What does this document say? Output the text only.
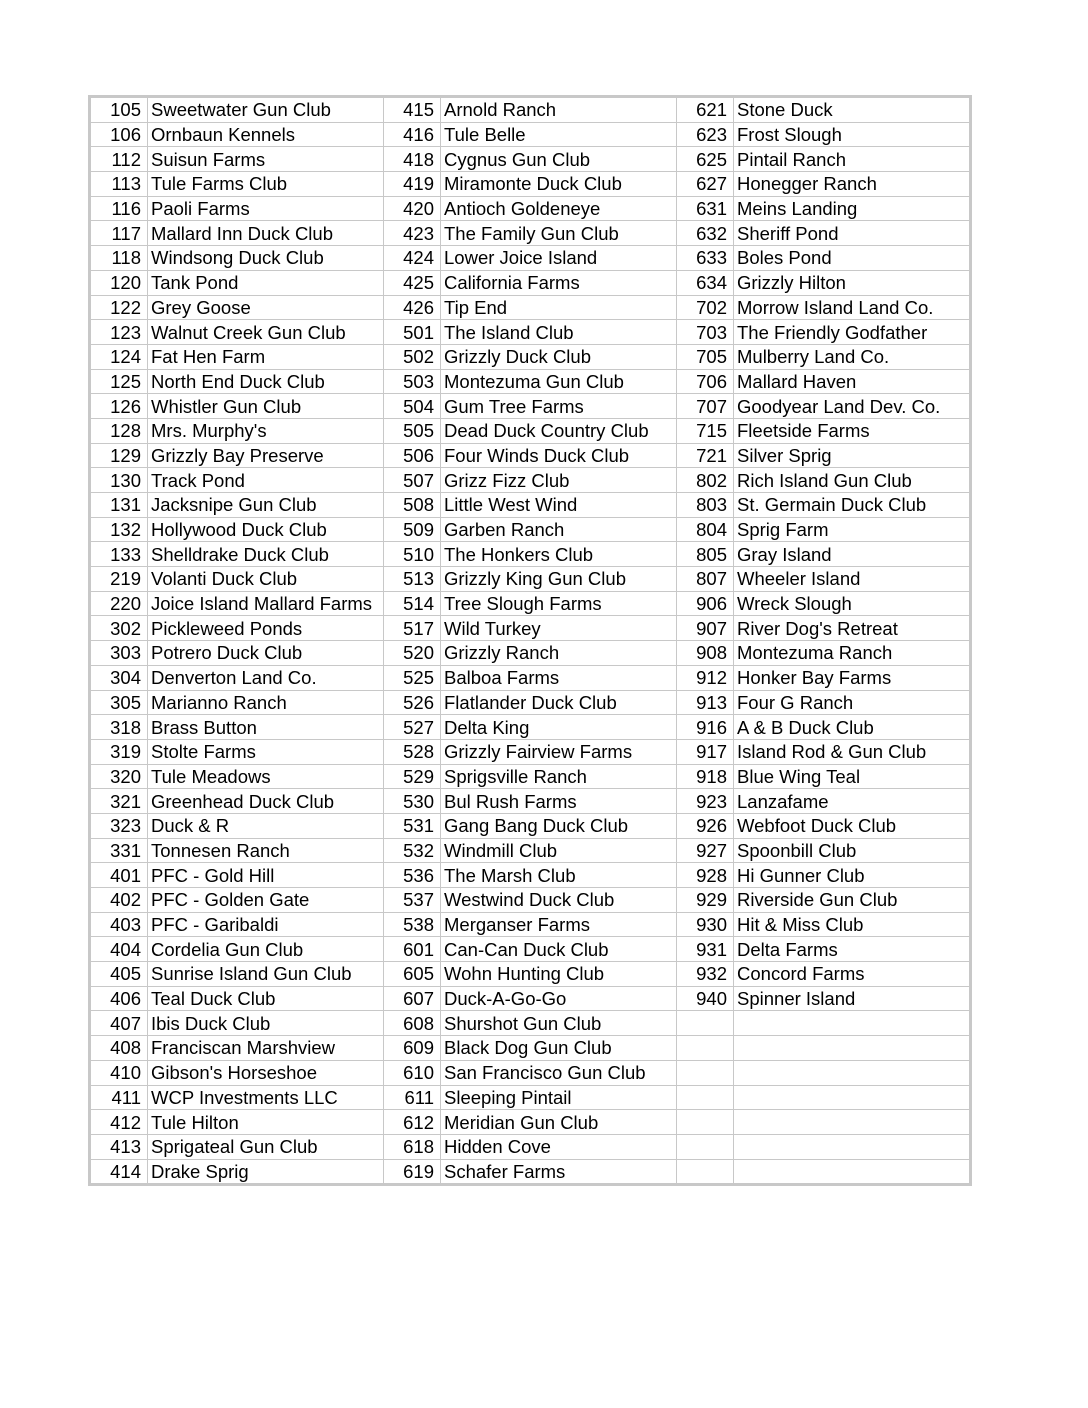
105	Sweetwater Gun Club	415	Arnold Ranch	621	Stone Duck
106	Ornbaun Kennels	416	Tule Belle	623	Frost Slough
112	Suisun Farms	418	Cygnus Gun Club	625	Pintail Ranch
113	Tule Farms Club	419	Miramonte Duck Club	627	Honegger Ranch
116	Paoli Farms	420	Antioch Goldeneye	631	Meins Landing
117	Mallard Inn Duck Club	423	The Family Gun Club	632	Sheriff Pond
118	Windsong Duck Club	424	Lower Joice Island	633	Boles Pond
120	Tank Pond	425	California Farms	634	Grizzly Hilton
122	Grey Goose	426	Tip End	702	Morrow Island Land Co.
123	Walnut Creek Gun Club	501	The Island Club	703	The Friendly Godfather
124	Fat Hen Farm	502	Grizzly Duck Club	705	Mulberry Land Co.
125	North End Duck Club	503	Montezuma Gun Club	706	Mallard Haven
126	Whistler Gun Club	504	Gum Tree Farms	707	Goodyear Land Dev. Co.
128	Mrs. Murphy's	505	Dead Duck Country Club	715	Fleetside Farms
129	Grizzly Bay Preserve	506	Four Winds Duck Club	721	Silver Sprig
130	Track Pond	507	Grizz Fizz Club	802	Rich Island Gun Club
131	Jacksnipe Gun Club	508	Little West Wind	803	St. Germain Duck Club
132	Hollywood Duck Club	509	Garben Ranch	804	Sprig Farm
133	Shelldrake Duck Club	510	The Honkers Club	805	Gray Island
219	Volanti Duck Club	513	Grizzly King Gun Club	807	Wheeler Island
220	Joice Island Mallard Farms	514	Tree Slough Farms	906	Wreck Slough
302	Pickleweed Ponds	517	Wild Turkey	907	River Dog's Retreat
303	Potrero Duck Club	520	Grizzly Ranch	908	Montezuma Ranch
304	Denverton Land Co.	525	Balboa Farms	912	Honker Bay Farms
305	Marianno Ranch	526	Flatlander Duck Club	913	Four G Ranch
318	Brass Button	527	Delta King	916	A & B Duck Club
319	Stolte Farms	528	Grizzly Fairview Farms	917	Island Rod & Gun Club
320	Tule Meadows	529	Sprigsville Ranch	918	Blue Wing Teal
321	Greenhead Duck Club	530	Bul Rush Farms	923	Lanzafame
323	Duck & R	531	Gang Bang Duck Club	926	Webfoot Duck Club
331	Tonnesen Ranch	532	Windmill Club	927	Spoonbill Club
401	PFC - Gold Hill	536	The Marsh Club	928	Hi Gunner Club
402	PFC - Golden Gate	537	Westwind Duck Club	929	Riverside Gun Club
403	PFC - Garibaldi	538	Merganser Farms	930	Hit & Miss Club
404	Cordelia Gun Club	601	Can-Can Duck Club	931	Delta Farms
405	Sunrise Island Gun Club	605	Wohn Hunting Club	932	Concord Farms
406	Teal Duck Club	607	Duck-A-Go-Go	940	Spinner Island
407	Ibis Duck Club	608	Shurshot Gun Club		
408	Franciscan Marshview	609	Black Dog Gun Club		
410	Gibson's Horseshoe	610	San Francisco Gun Club		
411	WCP Investments LLC	611	Sleeping Pintail		
412	Tule Hilton	612	Meridian Gun Club		
413	Sprigateal Gun Club	618	Hidden Cove		
414	Drake Sprig	619	Schafer Farms		
